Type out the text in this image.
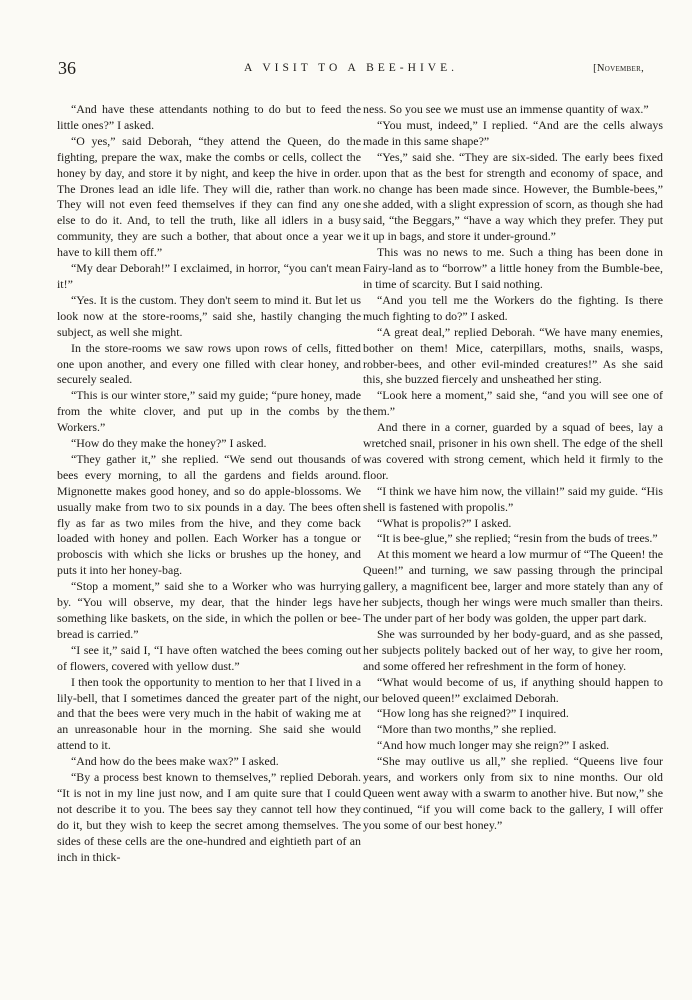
36	A VISIT TO A BEE-HIVE.	[November,

“And have these attendants nothing to do but to feed the little ones?” I asked.

“O yes,” said Deborah, “they attend the Queen, do the fighting, prepare the wax, make the combs or cells, collect the honey by day, and store it by night, and keep the hive in order. The Drones lead an idle life. They will die, rather than work. They will not even feed themselves if they can find any one else to do it. And, to tell the truth, like all idlers in a busy community, they are such a bother, that about once a year we have to kill them off.”

“My dear Deborah!” I exclaimed, in horror, “you can't mean it!”

“Yes. It is the custom. They don't seem to mind it. But let us look now at the store-rooms,” said she, hastily changing the subject, as well she might.

In the store-rooms we saw rows upon rows of cells, fitted one upon another, and every one filled with clear honey, and securely sealed.

“This is our winter store,” said my guide; “pure honey, made from the white clover, and put up in the combs by the Workers.”

“How do they make the honey?” I asked.

“They gather it,” she replied. “We send out thousands of bees every morning, to all the gardens and fields around. Mignonette makes good honey, and so do apple-blossoms. We usually make from two to six pounds in a day. The bees often fly as far as two miles from the hive, and they come back loaded with honey and pollen. Each Worker has a tongue or proboscis with which she licks or brushes up the honey, and puts it into her honey-bag.

“Stop a moment,” said she to a Worker who was hurrying by. “You will observe, my dear, that the hinder legs have something like baskets, on the side, in which the pollen or bee-bread is carried.”

“I see it,” said I, “I have often watched the bees coming out of flowers, covered with yellow dust.”

I then took the opportunity to mention to her that I lived in a lily-bell, that I sometimes danced the greater part of the night, and that the bees were very much in the habit of waking me at an unreasonable hour in the morning. She said she would attend to it.

“And how do the bees make wax?” I asked.

“By a process best known to themselves,” replied Deborah. “It is not in my line just now, and I am quite sure that I could not describe it to you. The bees say they cannot tell how they do it, but they wish to keep the secret among themselves. The sides of these cells are the one-hundred and eightieth part of an inch in thick-

ness. So you see we must use an immense quantity of wax.”

“You must, indeed,” I replied. “And are the cells always made in this same shape?”

“Yes,” said she. “They are six-sided. The early bees fixed upon that as the best for strength and economy of space, and no change has been made since. However, the Bumble-bees,” she added, with a slight expression of scorn, as though she had said, “the Beggars,” “have a way which they prefer. They put it up in bags, and store it under-ground.”

This was no news to me. Such a thing has been done in Fairy-land as to “borrow” a little honey from the Bumble-bee, in time of scarcity. But I said nothing.

“And you tell me the Workers do the fighting. Is there much fighting to do?” I asked.

“A great deal,” replied Deborah. “We have many enemies, bother on them! Mice, caterpillars, moths, snails, wasps, robber-bees, and other evil-minded creatures!” As she said this, she buzzed fiercely and unsheathed her sting.

“Look here a moment,” said she, “and you will see one of them.”

And there in a corner, guarded by a squad of bees, lay a wretched snail, prisoner in his own shell. The edge of the shell was covered with strong cement, which held it firmly to the floor.

“I think we have him now, the villain!” said my guide. “His shell is fastened with propolis.”

“What is propolis?” I asked.

“It is bee-glue,” she replied; “resin from the buds of trees.”

At this moment we heard a low murmur of “The Queen! the Queen!” and turning, we saw passing through the principal gallery, a magnificent bee, larger and more stately than any of her subjects, though her wings were much smaller than theirs. The under part of her body was golden, the upper part dark.

She was surrounded by her body-guard, and as she passed, her subjects politely backed out of her way, to give her room, and some offered her refreshment in the form of honey.

“What would become of us, if anything should happen to our beloved queen!” exclaimed Deborah.

“How long has she reigned?” I inquired.

“More than two months,” she replied.

“And how much longer may she reign?” I asked.

“She may outlive us all,” she replied. “Queens live four years, and workers only from six to nine months. Our old Queen went away with a swarm to another hive. But now,” she continued, “if you will come back to the gallery, I will offer you some of our best honey.”
